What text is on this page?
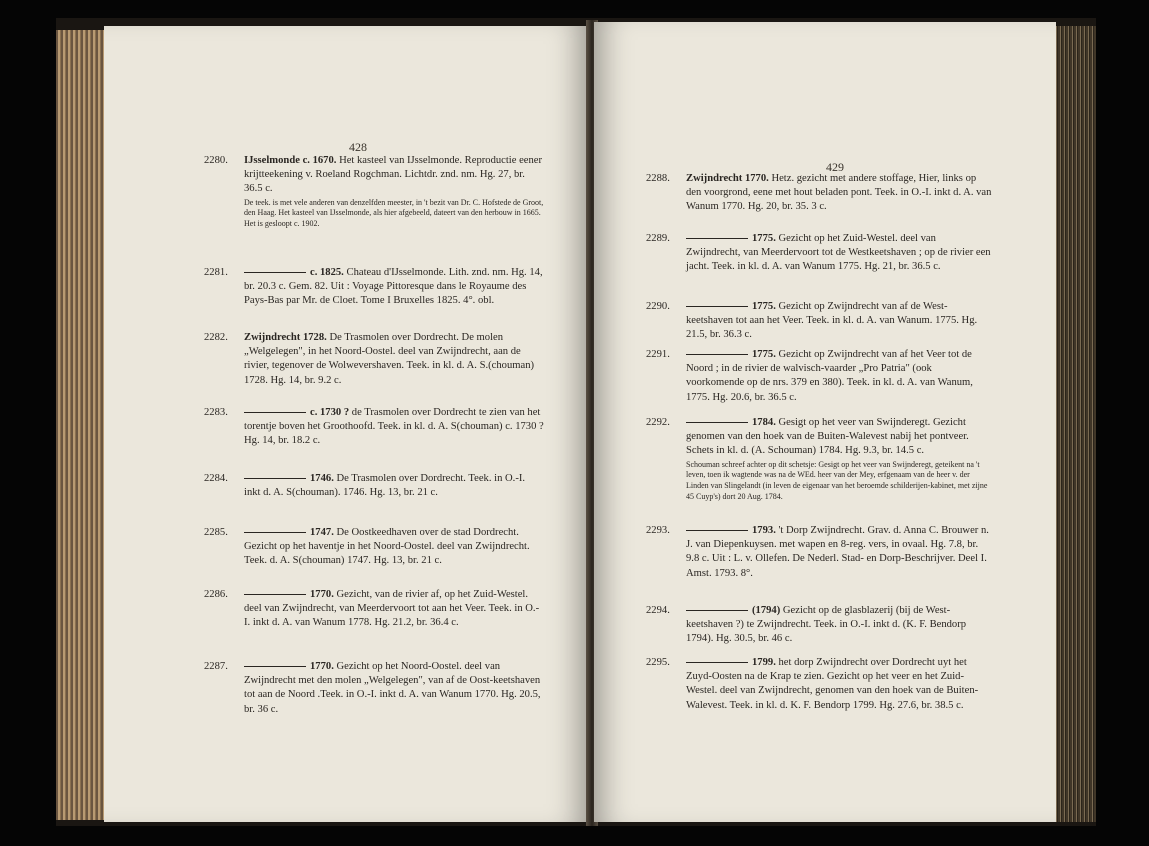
428
2280. IJsselmonde c. 1670. Het kasteel van IJsselmonde. Reproductie eener krijtteekening v. Roeland Rogchman. Lichtdr. znd. nm. Hg. 27, br. 36.5 c.
De teek. is met vele anderen van denzelfden meester, in 't bezit van Dr. C. Hofstede de Groot, den Haag. Het kasteel van IJsselmonde, als hier afgebeeld, dateert van den herbouw in 1665. Het is gesloopt c. 1902.
2281.	c. 1825. Chateau d'IJsselmonde. Lith. znd. nm. Hg. 14, br. 20.3 c. Gem. 82. Uit : Voyage Pittoresque dans le Royaume des Pays-Bas par Mr. de Cloet. Tome I Bruxelles 1825. 4°. obl.
2282. Zwijndrecht 1728. De Trasmolen over Dordrecht. De molen „Welgelegen", in het Noord-Oostel. deel van Zwijndrecht, aan de rivier, tegenover de Wolwevershaven. Teek. in kl. d. A. S.(chouman) 1728. Hg. 14, br. 9.2 c.
2283.	c. 1730 ? de Trasmolen over Dordrecht te zien van het torentje boven het Groothoofd. Teek. in kl. d. A. S(chouman) c. 1730 ? Hg. 14, br. 18.2 c.
2284.	1746. De Trasmolen over Dordrecht. Teek. in O.-I. inkt d. A. S(chouman). 1746. Hg. 13, br. 21 c.
2285.	1747. De Oostkeedhaven over de stad Dordrecht. Gezicht op het haventje in het Noord-Oostel. deel van Zwijndrecht. Teek. d. A. S(chouman) 1747. Hg. 13, br. 21 c.
2286.	1770. Gezicht, van de rivier af, op het Zuid-Westel. deel van Zwijndrecht, van Meerdervoort tot aan het Veer. Teek. in O.-I. inkt d. A. van Wanum 1778. Hg. 21.2, br. 36.4 c.
2287.	1770. Gezicht op het Noord-Oostel. deel van Zwijndrecht met den molen „Welgelegen", van af de Oost-keetshaven tot aan de Noord .Teek. in O.-I. inkt d. A. van Wanum 1770. Hg. 20.5, br. 36 c.
429
2288. Zwijndrecht 1770. Hetz. gezicht met andere stoffage, Hier, links op den voorgrond, eene met hout beladen pont. Teek. in O.-I. inkt d. A. van Wanum 1770. Hg. 20, br. 35. 3 c.
2289.	1775. Gezicht op het Zuid-Westel. deel van Zwijndrecht, van Meerdervoort tot de Westkeetshaven ; op de rivier een jacht. Teek. in kl. d. A. van Wanum 1775. Hg. 21, br. 36.5 c.
2290.	1775. Gezicht op Zwijndrecht van af de West-keetshaven tot aan het Veer. Teek. in kl. d. A. van Wanum. 1775. Hg. 21.5, br. 36.3 c.
2291.	1775. Gezicht op Zwijndrecht van af het Veer tot de Noord ; in de rivier de walvisch-vaarder „Pro Patria" (ook voorkomende op de nrs. 379 en 380). Teek. in kl. d. A. van Wanum, 1775. Hg. 20.6, br. 36.5 c.
2292.	1784. Gesigt op het veer van Swijnderegt. Gezicht genomen van den hoek van de Buiten-Walevest nabij het pontveer. Schets in kl. d. (A. Schouman) 1784. Hg. 9.3, br. 14.5 c.
Schouman schreef achter op dit schetsje: Gesigt op het veer van Swijnderegt, geteikent na 't leven, toen ik wagtende was na de WEd. heer van der Mey, erfgenaam van de heer v. der Linden van Slingelandt (in leven de eigenaar van het beroemde schilderijen-kabinet, met zijne 45 Cuyp's) dort 20 Aug. 1784.
2293.	1793. 't Dorp Zwijndrecht. Grav. d. Anna C. Brouwer n. J. van Diepenkuysen. met wapen en 8-reg. vers, in ovaal. Hg. 7.8, br. 9.8 c. Uit : L. v. Ollefen. De Nederl. Stad- en Dorp-Beschrijver. Deel I. Amst. 1793. 8°.
2294.	(1794) Gezicht op de glasblazerij (bij de West-keetshaven ?) te Zwijndrecht. Teek. in O.-I. inkt d. (K. F. Bendorp 1794). Hg. 30.5, br. 46 c.
2295.	1799. het dorp Zwijndrecht over Dordrecht uyt het Zuyd-Oosten na de Krap te zien. Gezicht op het veer en het Zuid-Westel. deel van Zwijndrecht, genomen van den hoek van de Buiten-Walevest. Teek. in kl. d. K. F. Bendorp 1799. Hg. 27.6, br. 38.5 c.
